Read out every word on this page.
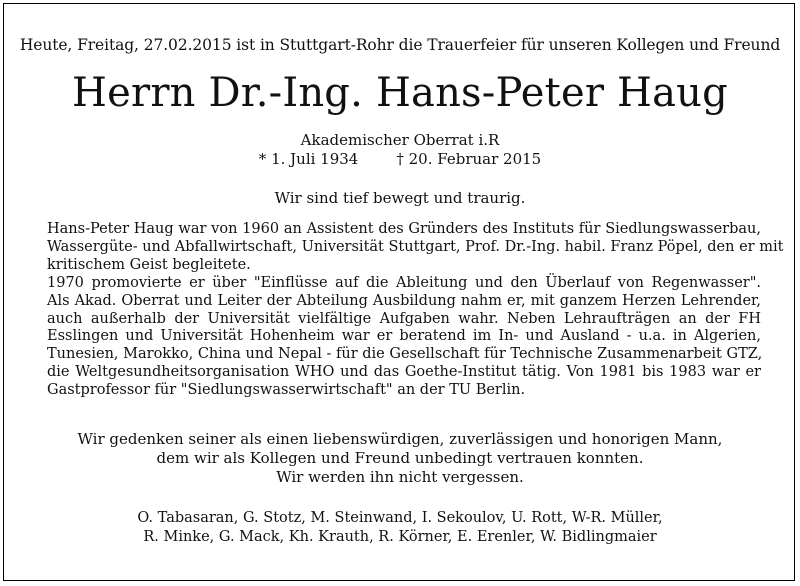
Heute, Freitag, 27.02.2015 ist in Stuttgart-Rohr die Trauerfeier für unseren Kollegen und Freund
Herrn Dr.-Ing. Hans-Peter Haug
Akademischer Oberrat i.R
* 1. Juli 1934	† 20. Februar 2015
Wir sind tief bewegt und traurig.
Hans-Peter Haug war von 1960 an Assistent des Gründers des Instituts für Siedlungswasserbau,
Wassergüte- und Abfallwirtschaft, Universität Stuttgart, Prof. Dr.-Ing. habil. Franz Pöpel, den er mit
kritischem Geist begleitete.
1970 promovierte er über "Einflüsse auf die Ableitung und den Überlauf von Regenwasser".
Als Akad. Oberrat und Leiter der Abteilung Ausbildung nahm er, mit ganzem Herzen Lehrender,
auch außerhalb der Universität vielfältige Aufgaben wahr. Neben Lehraufträgen an der FH
Esslingen und Universität Hohenheim war er beratend im In- und Ausland - u.a. in Algerien,
Tunesien, Marokko, China und Nepal - für die Gesellschaft für Technische Zusammenarbeit GTZ,
die Weltgesundheitsorganisation WHO und das Goethe-Institut tätig. Von 1981 bis 1983 war er
Gastprofessor für "Siedlungswasserwirtschaft" an der TU Berlin.
Wir gedenken seiner als einen liebenswürdigen, zuverlässigen und honorigen Mann,
dem wir als Kollegen und Freund unbedingt vertrauen konnten.
Wir werden ihn nicht vergessen.
O. Tabasaran, G. Stotz, M. Steinwand, I. Sekoulov, U. Rott, W-R. Müller,
R. Minke, G. Mack, Kh. Krauth, R. Körner, E. Erenler, W. Bidlingmaier
